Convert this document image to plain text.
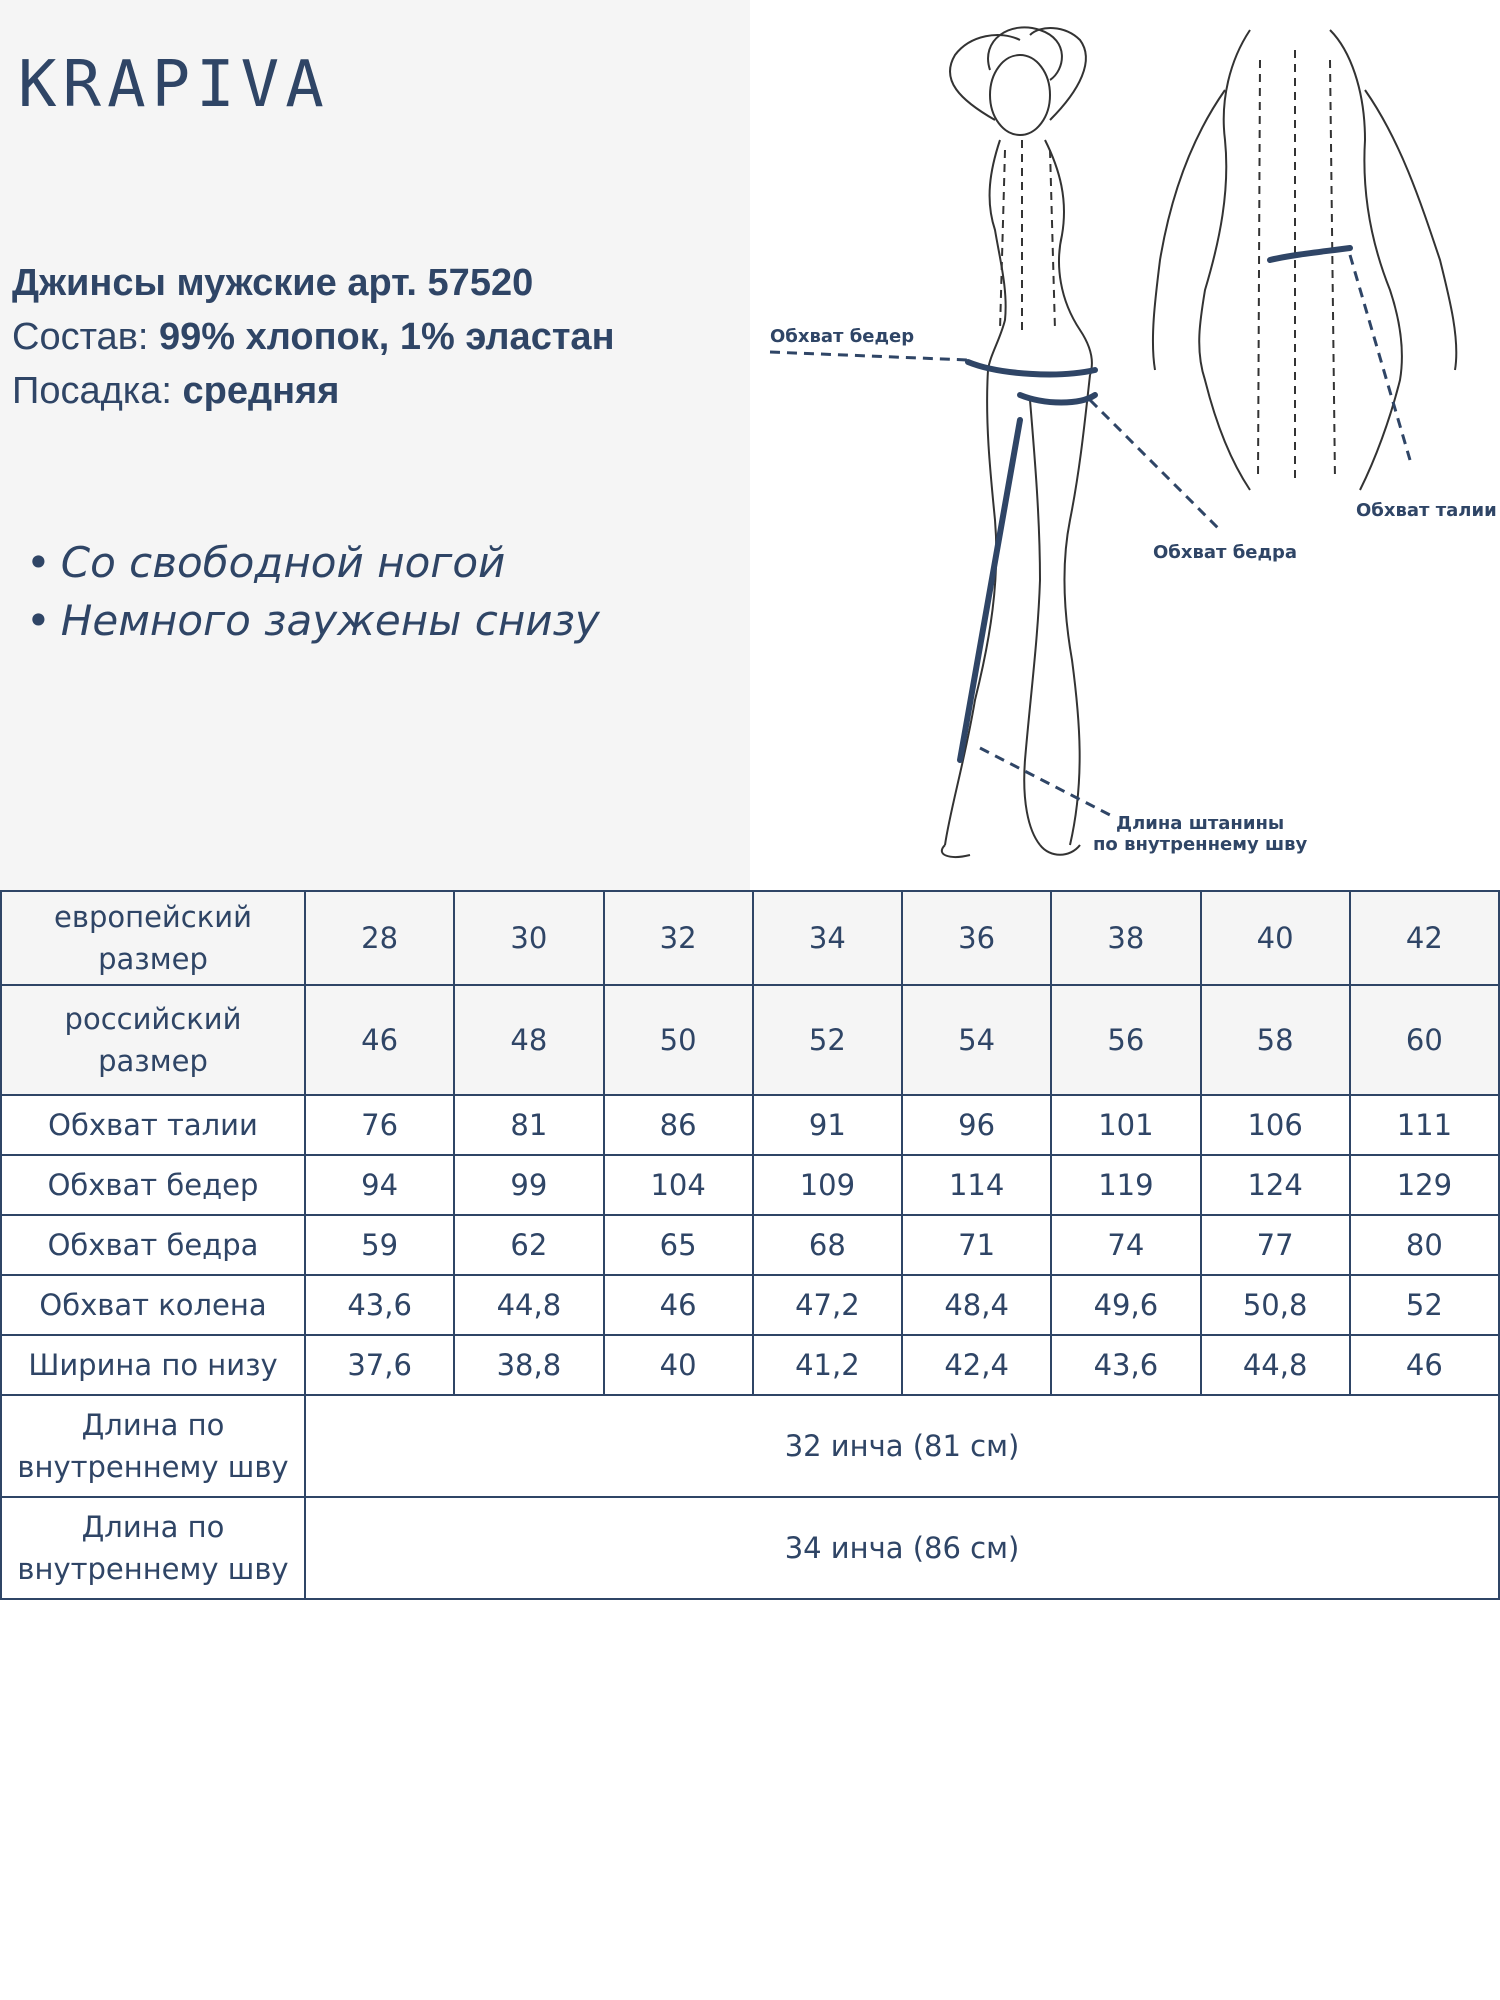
KRAPIVA
Джинсы мужские арт. 57520
Состав: 99% хлопок, 1% эластан
Посадка: средняя
• Со свободной ногой
• Немного заужены снизу
Обхват бедер
Обхват талии
Обхват бедра
Длина штанины
по внутреннему шву
европейский размер	28	30	32	34	36	38	40	42
российский размер	46	48	50	52	54	56	58	60
Обхват талии	76	81	86	91	96	101	106	111
Обхват бедер	94	99	104	109	114	119	124	129
Обхват бедра	59	62	65	68	71	74	77	80
Обхват колена	43,6	44,8	46	47,2	48,4	49,6	50,8	52
Ширина по низу	37,6	38,8	40	41,2	42,4	43,6	44,8	46
Длина по внутреннему шву	32 инча (81 см)							
Длина по внутреннему шву	34 инча (86 см)							
